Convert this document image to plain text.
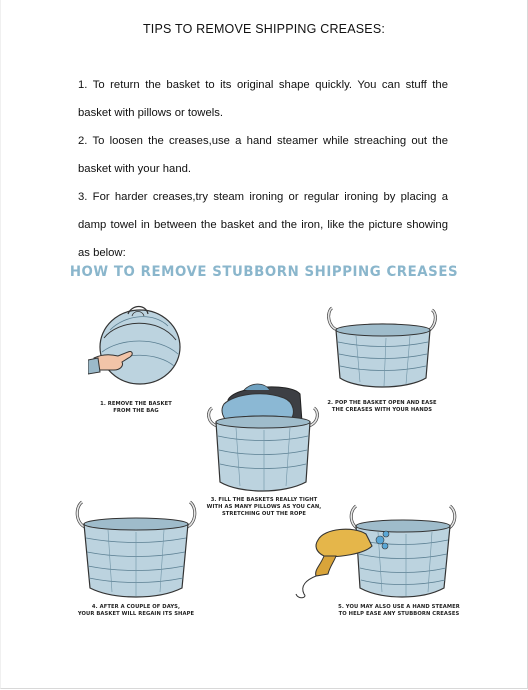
TIPS TO REMOVE SHIPPING CREASES:
1. To return the basket to its original shape quickly. You can stuff the basket with pillows or towels.
2. To loosen the creases,use a hand steamer while streaching out the basket with your hand.
3. For harder creases,try steam ironing or regular ironing by placing a damp towel in between the basket and the iron, like the picture showing as below:
HOW TO REMOVE STUBBORN SHIPPING CREASES
1. REMOVE THE BASKET
FROM THE BAG
2. POP THE BASKET OPEN AND EASE
THE CREASES WITH YOUR HANDS
3. FILL THE BASKETS REALLY TIGHT
WITH AS MANY PILLOWS AS YOU CAN,
STRETCHING OUT THE ROPE
4. AFTER A COUPLE OF DAYS,
YOUR BASKET WILL REGAIN ITS SHAPE
5. YOU MAY ALSO USE A HAND STEAMER
TO HELP EASE ANY STUBBORN CREASES
